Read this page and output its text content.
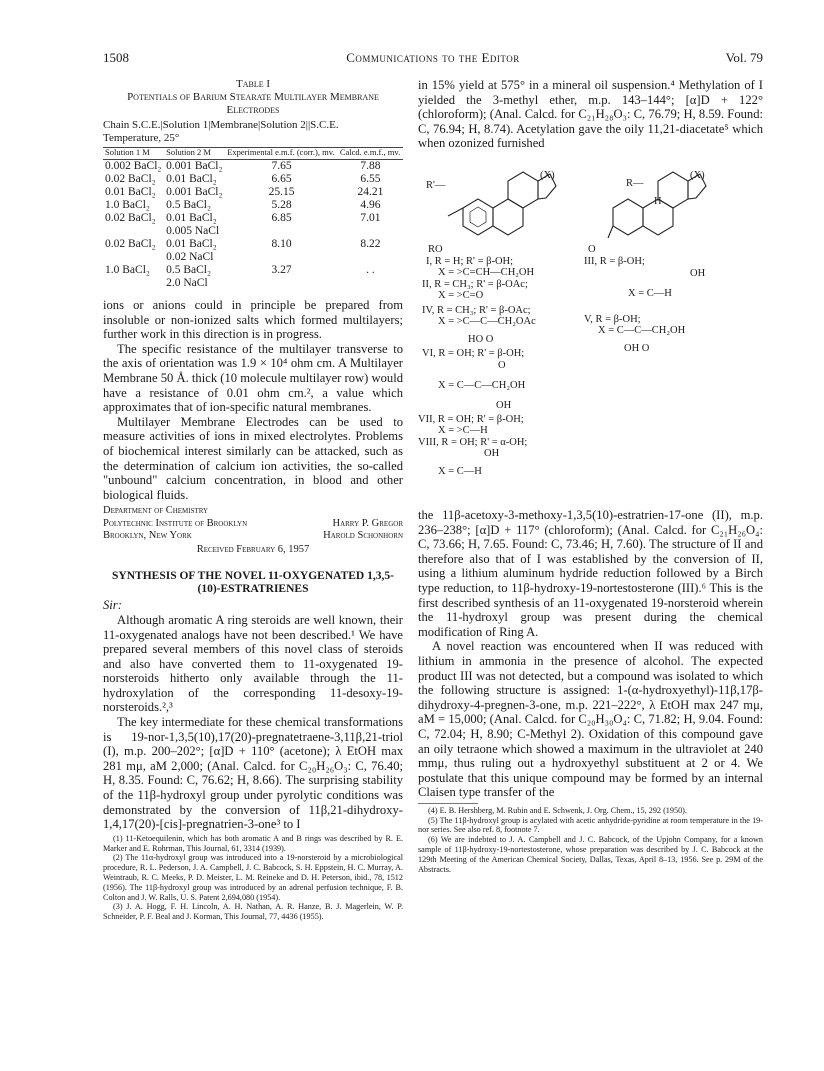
1508	Communications to the Editor	Vol. 79
Table I
Potentials of Barium Stearate Multilayer Membrane Electrodes
Chain S.C.E.|Solution 1|Membrane|Solution 2||S.C.E.
Temperature, 25°
Solution 1 M	Solution 2 M	Experimental e.m.f. (corr.), mv.	Calcd. e.m.f., mv.
0.002 BaCl₂	0.001 BaCl₂	7.65	7.88
0.02 BaCl₂	0.01 BaCl₂	6.65	6.55
0.01 BaCl₂	0.001 BaCl₂	25.15	24.21
1.0 BaCl₂	0.5 BaCl₂	5.28	4.96
0.02 BaCl₂	0.01 BaCl₂	6.85	7.01
	0.005 NaCl		
0.02 BaCl₂	0.01 BaCl₂	8.10	8.22
	0.02 NaCl		
1.0 BaCl₂	0.5 BaCl₂	3.27	. .
	2.0 NaCl		

ions or anions could in principle be prepared from insoluble or non-ionized salts which formed multilayers; further work in this direction is in progress.

The specific resistance of the multilayer transverse to the axis of orientation was 1.9 × 10⁴ ohm cm. A Multilayer Membrane 50 Å. thick (10 molecule multilayer row) would have a resistance of 0.01 ohm cm.², a value which approximates that of ion-specific natural membranes.

Multilayer Membrane Electrodes can be used to measure activities of ions in mixed electrolytes. Problems of biochemical interest similarly can be attacked, such as the determination of calcium ion activities, the so-called "unbound" calcium concentration, in blood and other biological fluids.

Department of Chemistry
Polytechnic Institute of Brooklyn	Harry P. Gregor
Brooklyn, New York	Harold Schonhorn
Received February 6, 1957
SYNTHESIS OF THE NOVEL 11-OXYGENATED 1,3,5-(10)-ESTRATRIENES
Sir:

Although aromatic A ring steroids are well known, their 11-oxygenated analogs have not been described.¹ We have prepared several members of this novel class of steroids and also have converted them to 11-oxygenated 19-norsteroids hitherto only available through the 11-hydroxylation of the corresponding 11-desoxy-19-norsteroids.²,³

The key intermediate for these chemical transformations is 19-nor-1,3,5(10),17(20)-pregnatetraene-3,11β,21-triol (I), m.p. 200–202°; [α]D + 110° (acetone); λ EtOH max 281 mμ, aM 2,000; (Anal. Calcd. for C₂₀H₂₆O₃: C, 76.40; H, 8.35. Found: C, 76.62; H, 8.66). The surprising stability of the 11β-hydroxyl group under pyrolytic conditions was demonstrated by the conversion of 11β,21-dihydroxy-1,4,17(20)-[cis]-pregnatrien-3-one³ to I

(1) 11-Ketoequilenin, which has both aromatic A and B rings was described by R. E. Marker and E. Rohrman, This Journal, 61, 3314 (1939).

(2) The 11α-hydroxyl group was introduced into a 19-norsteroid by a microbiological procedure, R. L. Pederson, J. A. Campbell, J. C. Babcock, S. H. Eppstein, H. C. Murray, A. Weintraub, R. C. Meeks, P. D. Meister, L. M. Reineke and D. H. Peterson, ibid., 78, 1512 (1956). The 11β-hydroxyl group was introduced by an adrenal perfusion technique, F. B. Colton and J. W. Ralls, U. S. Patent 2,694,080 (1954).

(3) J. A. Hogg, F. H. Lincoln, A. H. Nathan, A. R. Hanze, B. J. Magerlein, W. P. Schneider, P. F. Beal and J. Korman, This Journal, 77, 4436 (1955).

in 15% yield at 575° in a mineral oil suspension.⁴ Methylation of I yielded the 3-methyl ether, m.p. 143–144°; [α]D + 122° (chloroform); (Anal. Calcd. for C₂₁H₂₈O₃: C, 76.79; H, 8.59. Found: C, 76.94; H, 8.74). Acetylation gave the oily 11,21-diacetate⁵ which when ozonized furnished

R'—
(X)
RO
H
O
R—
(X)
I, R = H; R' = β-OH;
X = >C=CH—CH₂OH
II, R = CH₃; R' = β-OAc;
X = >C=O
IV, R = CH₃; R' = β-OAc;
X = >C—C—CH₂OAc
HO O
VI, R = OH; R' = β-OH;
O
X = C—C—CH₂OH
OH
VII, R = OH; R' = β-OH;
X = >C—H
VIII, R = OH; R' = α-OH;
OH
X = C—H
III, R = β-OH;
OH
X = C—H
V, R = β-OH;
X = C—C—CH₂OH
OH O

the 11β-acetoxy-3-methoxy-1,3,5(10)-estratrien-17-one (II), m.p. 236–238°; [α]D + 117° (chloroform); (Anal. Calcd. for C₂₁H₂₆O₄: C, 73.66; H, 7.65. Found: C, 73.46; H, 7.60). The structure of II and therefore also that of I was established by the conversion of II, using a lithium aluminum hydride reduction followed by a Birch type reduction, to 11β-hydroxy-19-nortestosterone (III).⁶ This is the first described synthesis of an 11-oxygenated 19-norsteroid wherein the 11-hydroxyl group was present during the chemical modification of Ring A.

A novel reaction was encountered when II was reduced with lithium in ammonia in the presence of alcohol. The expected product III was not detected, but a compound was isolated to which the following structure is assigned: 1-(α-hydroxyethyl)-11β,17β-dihydroxy-4-pregnen-3-one, m.p. 221–222°, λ EtOH max 247 mμ, aM = 15,000; (Anal. Calcd. for C₂₀H₃₀O₄: C, 71.82; H, 9.04. Found: C, 72.04; H, 8.90; C-Methyl 2). Oxidation of this compound gave an oily tetraone which showed a maximum in the ultraviolet at 240 mmμ, thus ruling out a hydroxyethyl substituent at 2 or 4. We postulate that this unique compound may be formed by an internal Claisen type transfer of the

(4) E. B. Hershberg, M. Rubin and E. Schwenk, J. Org. Chem., 15, 292 (1950).

(5) The 11β-hydroxyl group is acylated with acetic anhydride-pyridine at room temperature in the 19-nor series. See also ref. 8, footnote 7.

(6) We are indebted to J. A. Campbell and J. C. Babcock, of the Upjohn Company, for a known sample of 11β-hydroxy-19-nortestosterone, whose preparation was described by J. C. Babcock at the 129th Meeting of the American Chemical Society, Dallas, Texas, April 8–13, 1956. See p. 29M of the Abstracts.
